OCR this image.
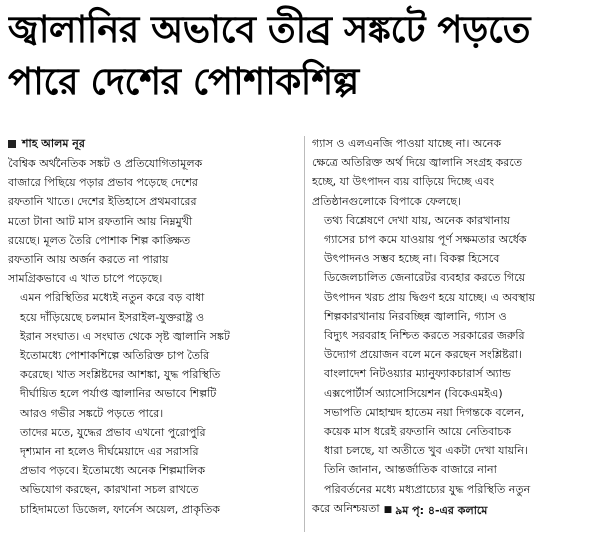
জ্বালানির অভাবে তীব্র সঙ্কটে পড়তে
পারে দেশের পোশাকশিল্প
শাহ আলম নূর
বৈশ্বিক অর্থনৈতিক সঙ্কট ও প্রতিযোগিতামূলক
বাজারে পিছিয়ে পড়ার প্রভাব পড়েছে দেশের
রফতানি খাতে। দেশের ইতিহাসে প্রথমবারের
মতো টানা আট মাস রফতানি আয় নিম্নমুখী
রয়েছে। মূলত তৈরি পোশাক শিল্প কাঙ্ক্ষিত
রফতানি আয় অর্জন করতে না পারায়
সামগ্রিকভাবে এ খাত চাপে পড়েছে।
এমন পরিস্থিতির মধ্যেই নতুন করে বড় বাধা
হয়ে দাঁড়িয়েছে চলমান ইসরাইল-যুক্তরাষ্ট্র ও
ইরান সংঘাত। এ সংঘাত থেকে সৃষ্ট জ্বালানি সঙ্কট
ইতোমধ্যে পোশাকশিল্পে অতিরিক্ত চাপ তৈরি
করেছে। খাত সংশ্লিষ্টদের আশঙ্কা, যুদ্ধ পরিস্থিতি
দীর্ঘায়িত হলে পর্যাপ্ত জ্বালানির অভাবে শিল্পটি
আরও গভীর সঙ্কটে পড়তে পারে।
তাদের মতে, যুদ্ধের প্রভাব এখনো পুরোপুরি
দৃশ্যমান না হলেও দীর্ঘমেয়াদে এর সরাসরি
প্রভাব পড়বে। ইতোমধ্যে অনেক শিল্পমালিক
অভিযোগ করছেন, কারখানা সচল রাখতে
চাহিদামতো ডিজেল, ফার্নেস অয়েল, প্রাকৃতিক
গ্যাস ও এলএনজি পাওয়া যাচ্ছে না। অনেক
ক্ষেত্রে অতিরিক্ত অর্থ দিয়ে জ্বালানি সংগ্রহ করতে
হচ্ছে, যা উৎপাদন ব্যয় বাড়িয়ে দিচ্ছে এবং
প্রতিষ্ঠানগুলোকে বিপাকে ফেলছে।
তথ্য বিশ্লেষণে দেখা যায়, অনেক কারখানায়
গ্যাসের চাপ কমে যাওয়ায় পূর্ণ সক্ষমতার অর্ধেক
উৎপাদনও সম্ভব হচ্ছে না। বিকল্প হিসেবে
ডিজেলচালিত জেনারেটর ব্যবহার করতে গিয়ে
উৎপাদন খরচ প্রায় দ্বিগুণ হয়ে যাচ্ছে। এ অবস্থায়
শিল্পকারখানায় নিরবচ্ছিন্ন জ্বালানি, গ্যাস ও
বিদ্যুৎ সরবরাহ নিশ্চিত করতে সরকারের জরুরি
উদ্যোগ প্রয়োজন বলে মনে করছেন সংশ্লিষ্টরা।
বাংলাদেশ নিটওয়্যার ম্যানুফ্যাকচারার্স অ্যান্ড
এক্সপোর্টার্স অ্যাসোসিয়েশন (বিকেএমইএ)
সভাপতি মোহাম্মদ হাতেম নয়া দিগন্তকে বলেন,
কয়েক মাস ধরেই রফতানি আয়ে নেতিবাচক
ধারা চলছে, যা অতীতে খুব একটা দেখা যায়নি।
তিনি জানান, আন্তর্জাতিক বাজারে নানা
পরিবর্তনের মধ্যে মধ্যপ্রাচ্যের যুদ্ধ পরিস্থিতি নতুন
করে অনিশ্চয়তা ■ ৯ম পৃ: ৪-এর কলামে
